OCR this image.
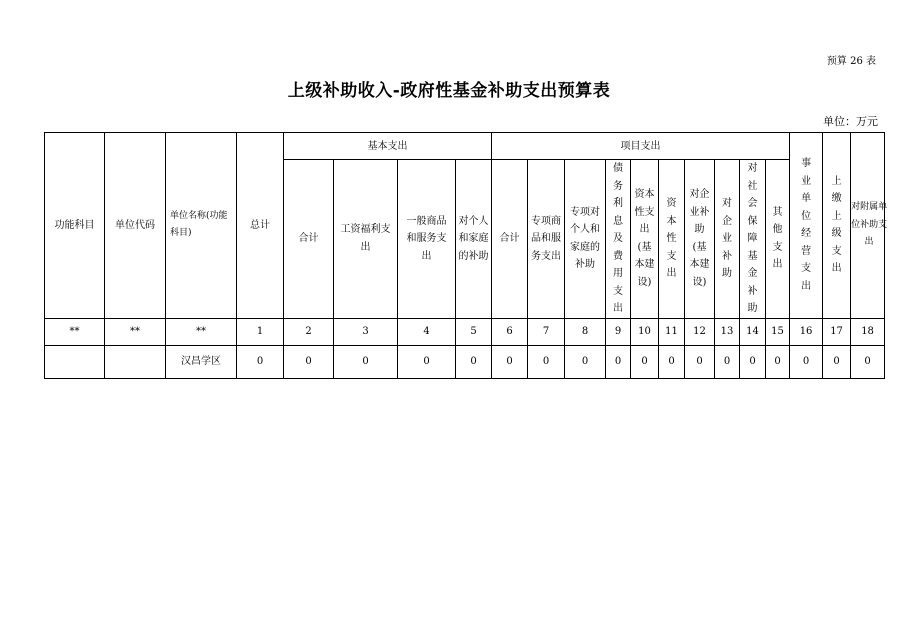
预算 26 表
上级补助收入-政府性基金补助支出预算表
单位：万元
功能科目	单位代码	单位名称(功能科目)	总计	基本支出				项目支出										事业单位经营支出	上缴上级支出	对附属单位补助支出
				合计	工资福利支出	一般商品和服务支出	对个人和家庭的补助	合计	专项商品和服务支出	专项对个人和家庭的补助	债务利息及费用支出	资本性支出(基本建设)	资本性支出	对企业补助(基本建设)	对企业补助	对社会保障基金补助	其他支出			
**	**	**	1	2	3	4	5	6	7	8	9	10	11	12	13	14	15	16	17	18
		汉昌学区	0	0	0	0	0	0	0	0	0	0	0	0	0	0	0	0	0	0
